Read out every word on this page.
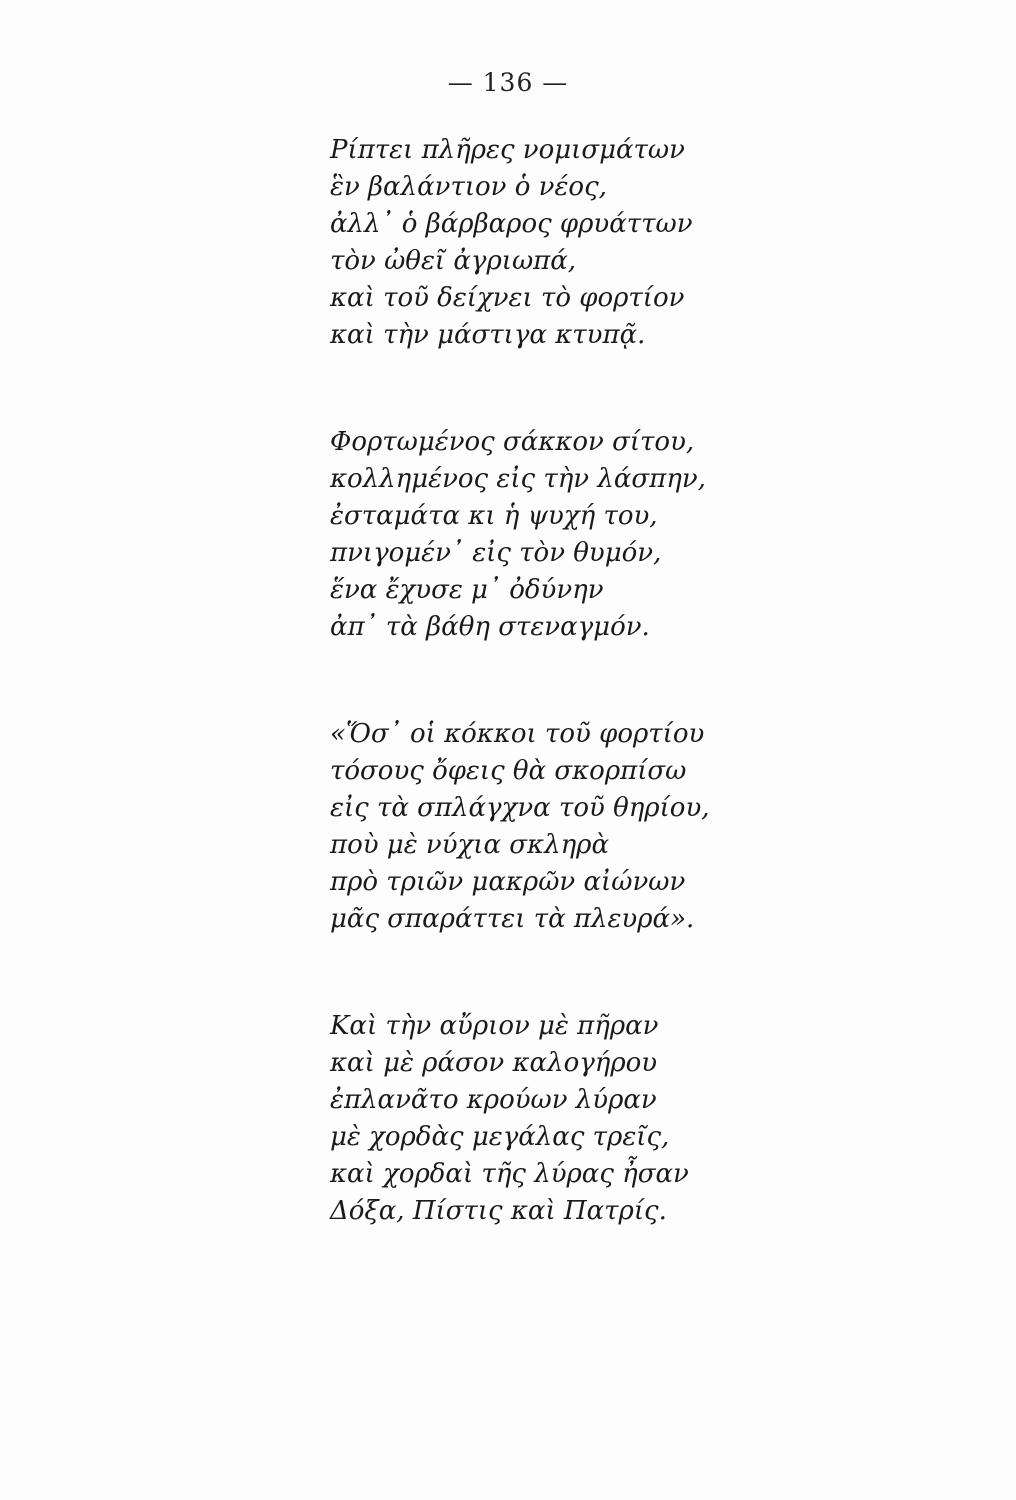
— 136 —
Ρίπτει πλῆρες νομισμάτων
ἓν βαλάντιον ὁ νέος,
ἀλλ᾽ ὁ βάρβαρος φρυάττων
τὸν ὠθεῖ ἀγριωπά,
καὶ τοῦ δείχνει τὸ φορτίον
καὶ τὴν μάστιγα κτυπᾷ.
Φορτωμένος σάκκον σίτου,
κολλημένος εἰς τὴν λάσπην,
ἐσταμάτα κι ἡ ψυχή του,
πνιγομέν᾽ εἰς τὸν θυμόν,
ἕνα ἔχυσε μ᾽ ὀδύνην
ἀπ᾽ τὰ βάθη στεναγμόν.
«Ὅσ᾽ οἱ κόκκοι τοῦ φορτίου
τόσους ὄφεις θὰ σκορπίσω
εἰς τὰ σπλάγχνα τοῦ θηρίου,
ποὺ μὲ νύχια σκληρὰ
πρὸ τριῶν μακρῶν αἰώνων
μᾶς σπαράττει τὰ πλευρά».
Καὶ τὴν αὔριον μὲ πῆραν
καὶ μὲ ράσον καλογήρου
ἐπλανᾶτο κρούων λύραν
μὲ χορδὰς μεγάλας τρεῖς,
καὶ χορδαὶ τῆς λύρας ἦσαν
Δόξα, Πίστις καὶ Πατρίς.
